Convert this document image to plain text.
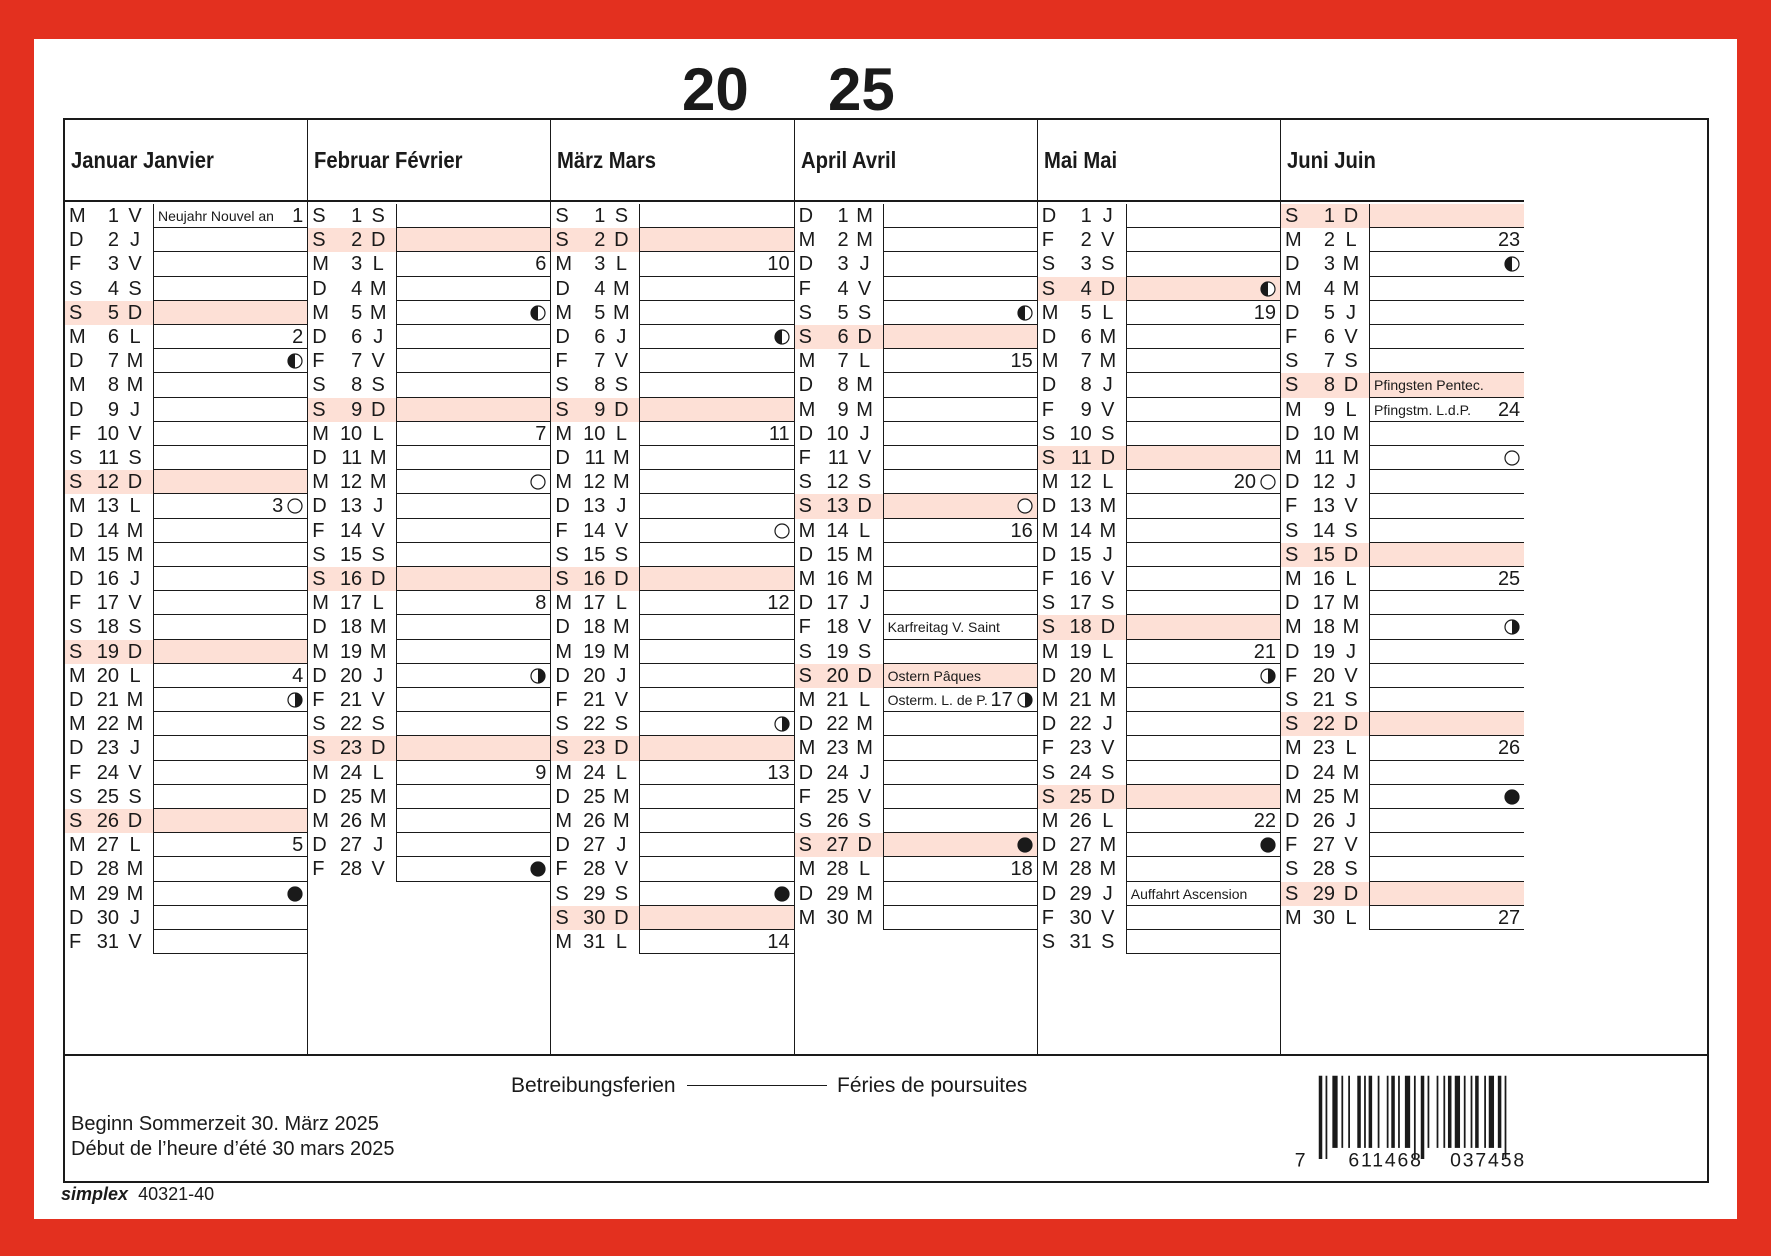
20 25
Betreibungsferien	Féries de poursuites
Beginn Sommerzeit 30. März 2025
Début de l’heure d’été 30 mars 2025
7 611468 037458
Januar Janvier
M	1 V	Neujahr Nouvel an 1
D	2 J
F	3 V
S	4 S
S	5 D
M	6 L	2
D	7 M
M	8 M
D	9 J
F 10 V
S 11 S
S 12 D
M 13 L	3
D 14 M
M 15 M
D 16 J
F 17 V
S 18 S
S 19 D
M 20 L	4
D 21 M
M 22 M
D 23 J
F 24 V
S 25 S
S 26 D
M 27 L	5
D 28 M
M 29 M
D 30 J
F 31 V
Februar Février
S	1 S
S	2 D
M	3 L	6
D	4 M
M	5 M
D	6 J
F	7 V
S	8 S
S	9 D
M 10 L	7
D 11 M
M 12 M
D 13 J
F 14 V
S 15 S
S 16 D
M 17 L	8
D 18 M
M 19 M
D 20 J
F 21 V
S 22 S
S 23 D
M 24 L	9
D 25 M
M 26 M
D 27 J
F 28 V
März Mars
S	1 S
S	2 D
M	3 L	10
D	4 M
M	5 M
D	6 J
F	7 V
S	8 S
S	9 D
M 10 L	11
D 11 M
M 12 M
D 13 J
F 14 V
S 15 S
S 16 D
M 17 L	12
D 18 M
M 19 M
D 20 J
F 21 V
S 22 S
S 23 D
M 24 L	13
D 25 M
M 26 M
D 27 J
F 28 V
S 29 S
S 30 D
M 31 L	14
April Avril
D	1 M
M	2 M
D	3 J
F	4 V
S	5 S
S	6 D
M	7 L	15
D	8 M
M	9 M
D 10 J
F 11 V
S 12 S
S 13 D
M 14 L	16
D 15 M
M 16 M
D 17 J
F 18 V	Karfreitag V. Saint
S 19 S
S 20 D	Ostern Pâques
M 21 L	Osterm. L. de P. 17
D 22 M
M 23 M
D 24 J
F 25 V
S 26 S
S 27 D
M 28 L	18
D 29 M
M 30 M
Mai Mai
D	1 J
F	2 V
S	3 S
S	4 D
M	5 L	19
D	6 M
M	7 M
D	8 J
F	9 V
S 10 S
S 11 D
M 12 L	20
D 13 M
M 14 M
D 15 J
F 16 V
S 17 S
S 18 D
M 19 L	21
D 20 M
M 21 M
D 22 J
F 23 V
S 24 S
S 25 D
M 26 L	22
D 27 M
M 28 M
D 29 J	Auffahrt Ascension
F 30 V
S 31 S
Juni Juin
S	1 D
M	2 L	23
D	3 M
M	4 M
D	5 J
F	6 V
S	7 S
S	8 D	Pfingsten Pentec.
M	9 L	Pfingstm. L.d.P. 24
D 10 M
M 11 M
D 12 J
F 13 V
S 14 S
S 15 D
M 16 L	25
D 17 M
M 18 M
D 19 J
F 20 V
S 21 S
S 22 D
M 23 L	26
D 24 M
M 25 M
D 26 J
F 27 V
S 28 S
S 29 D
M 30 L	27
simplex 40321-40
